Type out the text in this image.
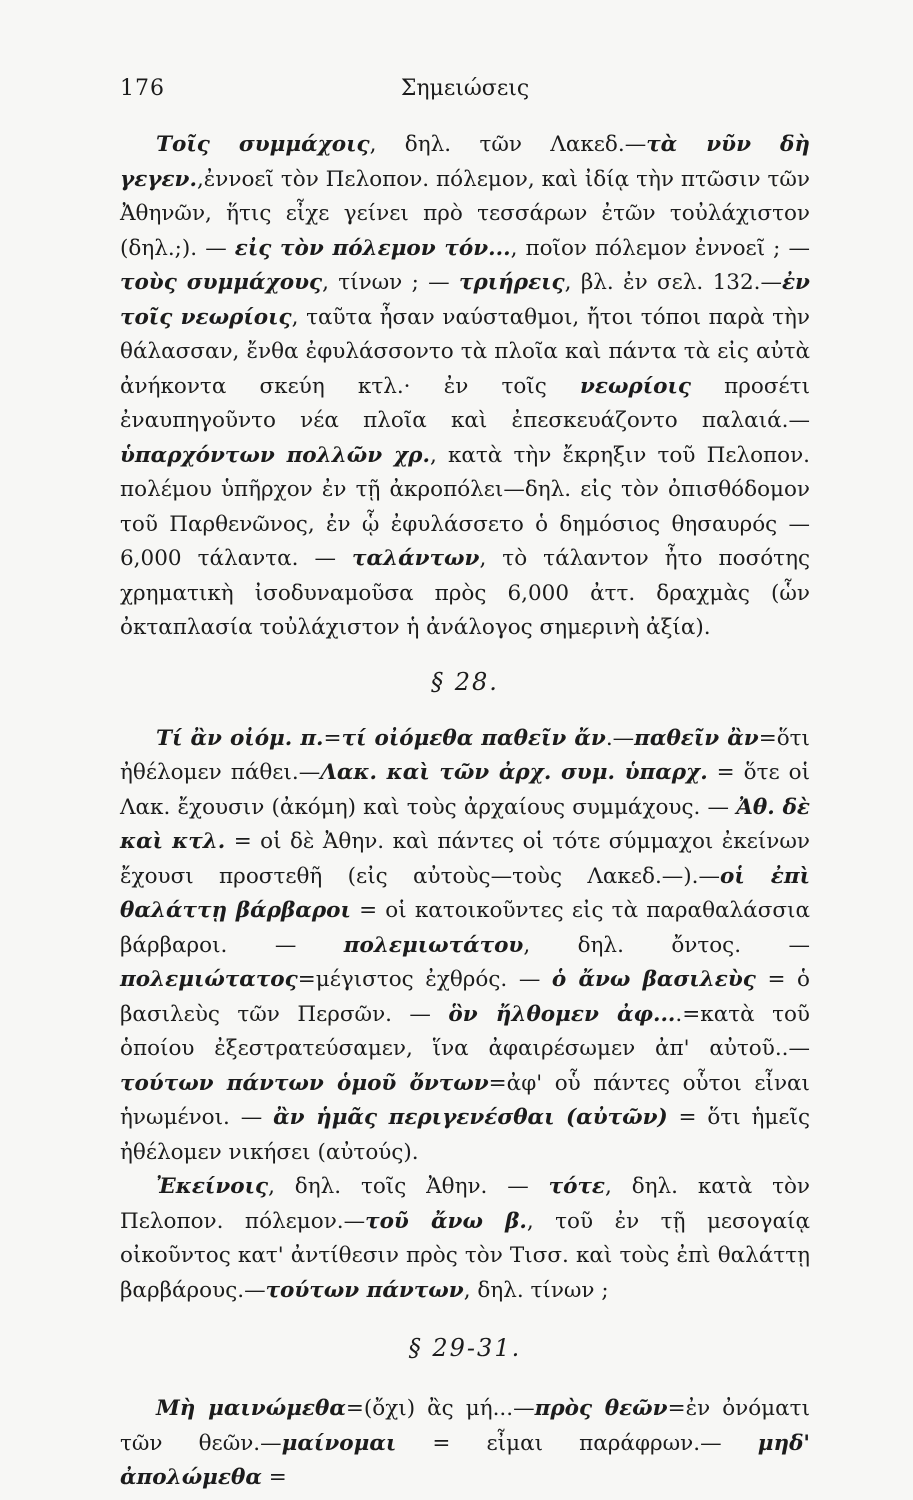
176	Σημειώσεις

Τοῖς συμμάχοις, δηλ. τῶν Λακεδ.—τὰ νῦν δὴ γεγεν.,ἐννοεῖ τὸν Πελοπον. πόλεμον, καὶ ἰδίᾳ τὴν πτῶσιν τῶν Ἀθηνῶν, ἥτις εἶχε γείνει πρὸ τεσσάρων ἐτῶν τοὐλάχιστον (δηλ.;). — εἰς τὸν πόλεμον τόν..., ποῖον πόλεμον ἐννοεῖ ; — τοὺς συμμάχους, τίνων ; — τριήρεις, βλ. ἐν σελ. 132.—ἐν τοῖς νεωρίοις, ταῦτα ἦσαν ναύσταθμοι, ἤτοι τόποι παρὰ τὴν θάλασσαν, ἔνθα ἐφυλάσσοντο τὰ πλοῖα καὶ πάντα τὰ εἰς αὐτὰ ἀνήκοντα σκεύη κτλ.· ἐν τοῖς νεωρίοις προσέτι ἐναυπηγοῦντο νέα πλοῖα καὶ ἐπεσκευάζοντο παλαιά.—ὑπαρχόντων πολλῶν χρ., κατὰ τὴν ἔκρηξιν τοῦ Πελοπον. πολέμου ὑπῆρχον ἐν τῇ ἀκροπόλει—δηλ. εἰς τὸν ὀπισθόδομον τοῦ Παρθενῶνος, ἐν ᾧ ἐφυλάσσετο ὁ δημόσιος θησαυρός — 6,000 τάλαντα. — ταλάντων, τὸ τάλαντον ἦτο ποσότης χρηματικὴ ἰσοδυναμοῦσα πρὸς 6,000 ἀττ. δραχμὰς (ὧν ὀκταπλασία τοὐλάχιστον ἡ ἀνάλογος σημερινὴ ἀξία).

§ 28.

Τί ἂν οἰόμ. π.=τί οἰόμεθα παθεῖν ἄν.—παθεῖν ἂν=ὅτι ἠθέλομεν πάθει.—Λακ. καὶ τῶν ἀρχ. συμ. ὑπαρχ. = ὅτε οἱ Λακ. ἔχουσιν (ἀκόμη) καὶ τοὺς ἀρχαίους συμμάχους. — Ἀθ. δὲ καὶ κτλ. = οἱ δὲ Ἀθην. καὶ πάντες οἱ τότε σύμμαχοι ἐκείνων ἔχουσι προστεθῆ (εἰς αὐτοὺς—τοὺς Λακεδ.—).—οἱ ἐπὶ θαλάττῃ βάρβαροι = οἱ κατοικοῦντες εἰς τὰ παραθαλάσσια βάρβαροι. — πολεμιωτάτου, δηλ. ὄντος. — πολεμιώτατος=μέγιστος ἐχθρός. — ὁ ἄνω βασιλεὺς = ὁ βασιλεὺς τῶν Περσῶν. — ὃν ἤλθομεν ἀφ....=κατὰ τοῦ ὁποίου ἐξεστρατεύσαμεν, ἵνα ἀφαιρέσωμεν ἀπ' αὐτοῦ..—τούτων πάντων ὁμοῦ ὄντων=ἀφ' οὗ πάντες οὗτοι εἶναι ἡνωμένοι. — ἂν ἡμᾶς περιγενέσθαι (αὐτῶν) = ὅτι ἡμεῖς ἠθέλομεν νικήσει (αὐτούς).

Ἐκείνοις, δηλ. τοῖς Ἀθην. — τότε, δηλ. κατὰ τὸν Πελοπον. πόλεμον.—τοῦ ἄνω β., τοῦ ἐν τῇ μεσογαίᾳ οἰκοῦντος κατ' ἀντίθεσιν πρὸς τὸν Τισσ. καὶ τοὺς ἐπὶ θαλάττῃ βαρβάρους.—τούτων πάντων, δηλ. τίνων ;

§ 29-31.

Μὴ μαινώμεθα=(ὄχι) ἂς μή...—πρὸς θεῶν=ἐν ὀνόματι τῶν θεῶν.—μαίνομαι = εἶμαι παράφρων.— μηδ' ἀπολώμεθα =
